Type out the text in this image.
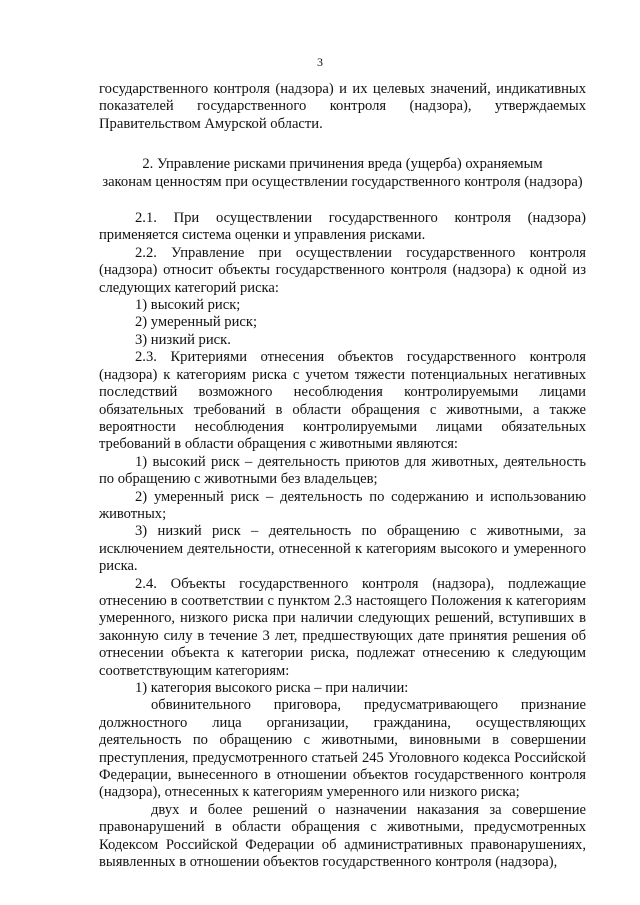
3

государственного контроля (надзора) и их целевых значений, индикативных показателей государственного контроля (надзора), утверждаемых Правительством Амурской области.

2. Управление рисками причинения вреда (ущерба) охраняемым
законам ценностям при осуществлении государственного контроля (надзора)

2.1. При осуществлении государственного контроля (надзора) применяется система оценки и управления рисками.

2.2. Управление при осуществлении государственного контроля (надзора) относит объекты государственного контроля (надзора) к одной из следующих категорий риска:

1) высокий риск;

2) умеренный риск;

3) низкий риск.

2.3. Критериями отнесения объектов государственного контроля (надзора) к категориям риска с учетом тяжести потенциальных негативных последствий возможного несоблюдения контролируемыми лицами обязательных требований в области обращения с животными, а также вероятности несоблюдения контролируемыми лицами обязательных требований в области обращения с животными являются:

1) высокий риск – деятельность приютов для животных, деятельность по обращению с животными без владельцев;

2) умеренный риск – деятельность по содержанию и использованию животных;

3) низкий риск – деятельность по обращению с животными, за исключением деятельности, отнесенной к категориям высокого и умеренного риска.

2.4. Объекты государственного контроля (надзора), подлежащие отнесению в соответствии с пунктом 2.3 настоящего Положения к категориям умеренного, низкого риска при наличии следующих решений, вступивших в законную силу в течение 3 лет, предшествующих дате принятия решения об отнесении объекта к категории риска, подлежат отнесению к следующим соответствующим категориям:

1) категория высокого риска – при наличии:

обвинительного приговора, предусматривающего признание должностного лица организации, гражданина, осуществляющих деятельность по обращению с животными, виновными в совершении преступления, предусмотренного статьей 245 Уголовного кодекса Российской Федерации, вынесенного в отношении объектов государственного контроля (надзора), отнесенных к категориям умеренного или низкого риска;

двух и более решений о назначении наказания за совершение правонарушений в области обращения с животными, предусмотренных Кодексом Российской Федерации об административных правонарушениях, выявленных в отношении объектов государственного контроля (надзора),
